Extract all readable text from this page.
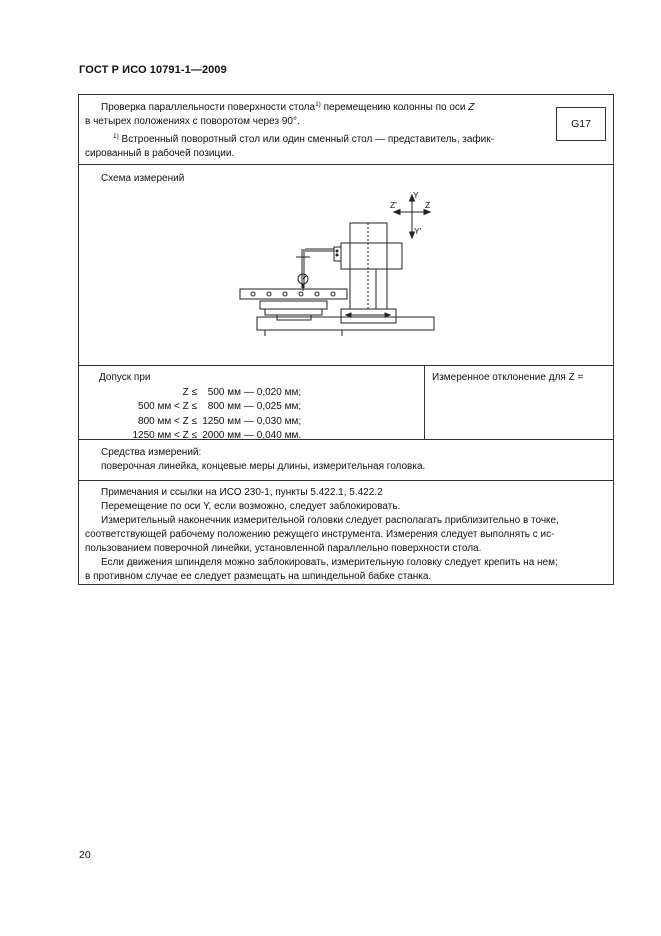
ГОСТ Р ИСО 10791-1—2009
Проверка параллельности поверхности стола$^{1)}$ перемещению колонны по оси Z
в четырех положениях с поворотом через 90°.
$^{1)}$ Встроенный поворотный стол или один сменный стол — представитель, зафик-
сированный в рабочей позиции.
G17
Схема измерений
Y
Z'	Z
Y'
Допуск при
Z ≤	500 мм — 0,020 мм;
500 мм < Z ≤	800 мм — 0,025 мм;
800 мм < Z ≤ 1250 мм — 0,030 мм;
1250 мм < Z ≤ 2000 мм — 0,040 мм.
Измеренное отклонение для Z =
Средства измерений:
поверочная линейка, концевые меры длины, измерительная головка.
Примечания и ссылки на ИСО 230-1, пункты 5.422.1, 5.422.2
Перемещение по оси Y, если возможно, следует заблокировать.
Измерительный наконечник измерительной головки следует располагать приблизительно в точке,
соответствующей рабочему положению режущего инструмента. Измерения следует выполнять с ис-
пользованием поверочной линейки, установленной параллельно поверхности стола.
Если движения шпинделя можно заблокировать, измерительную головку следует крепить на нем;
в противном случае ее следует размещать на шпиндельной бабке станка.
20
